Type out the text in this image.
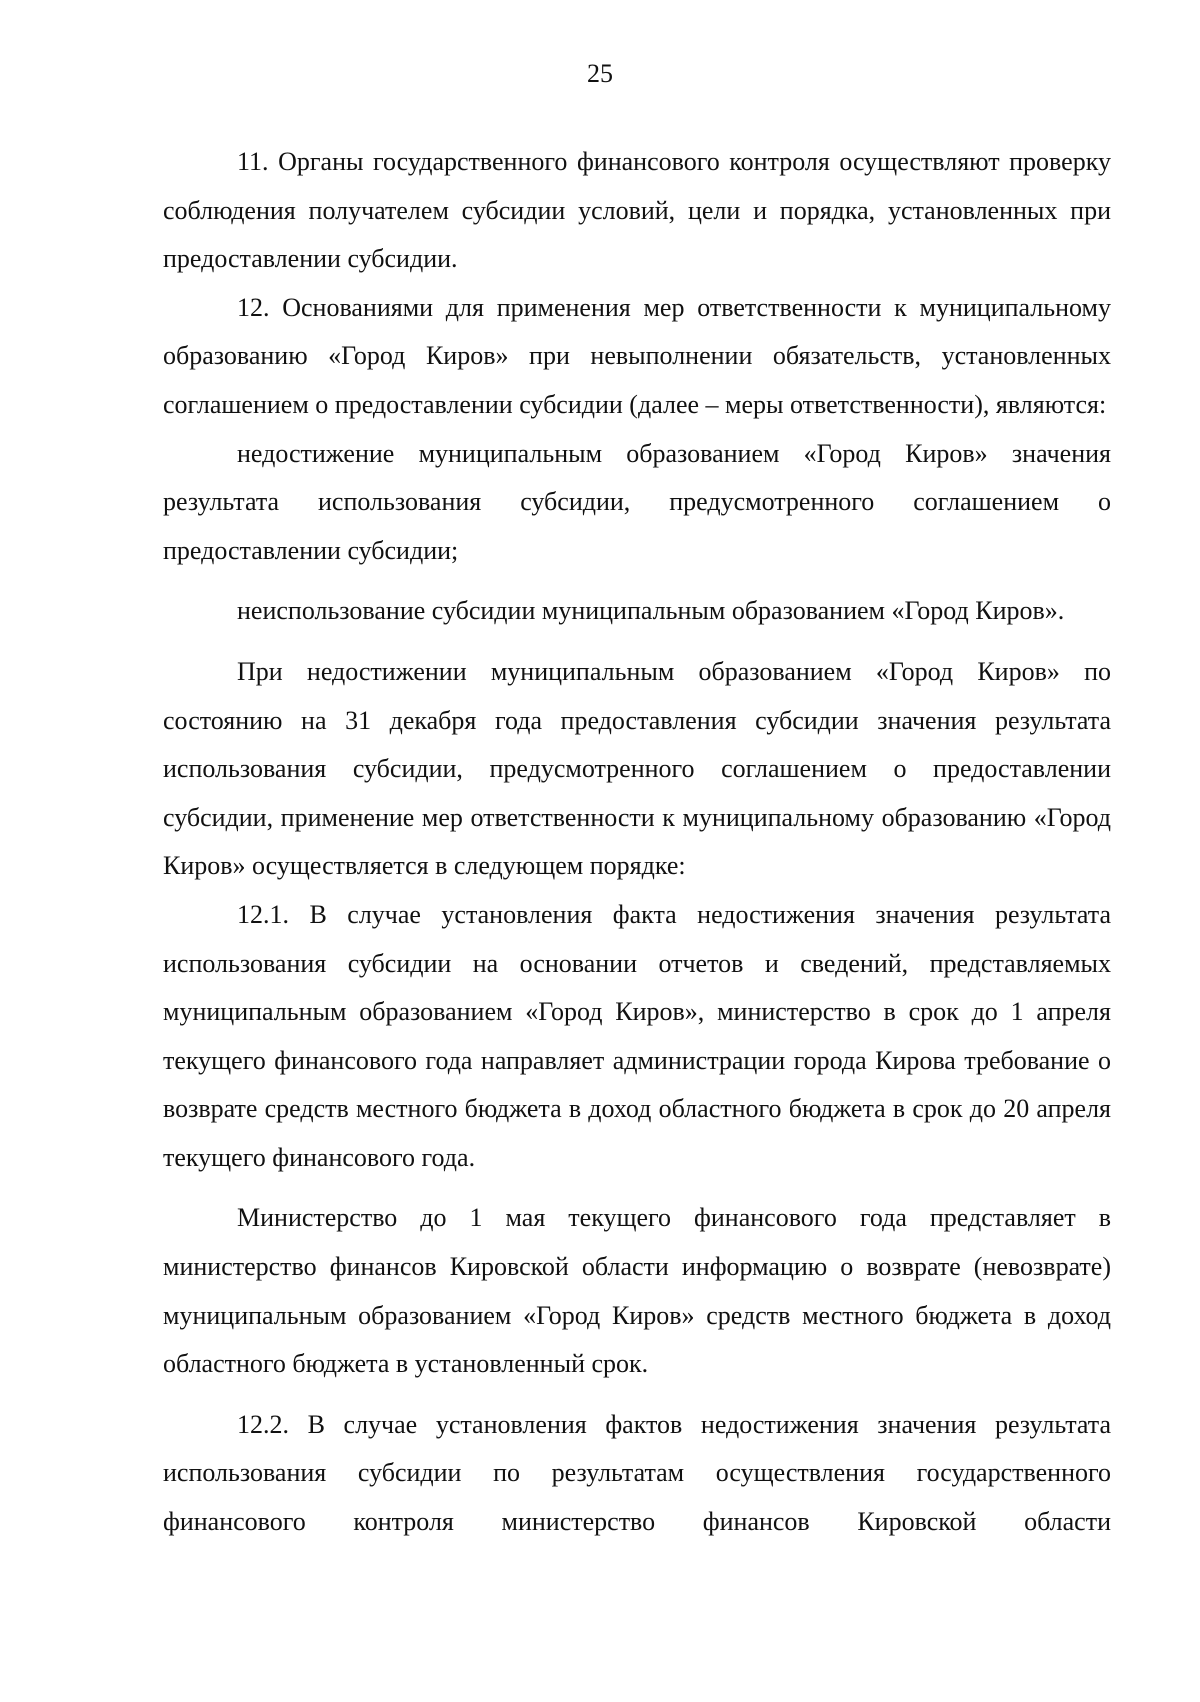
25

11. Органы государственного финансового контроля осуществляют проверку соблюдения получателем субсидии условий, цели и порядка, установленных при предоставлении субсидии.

12. Основаниями для применения мер ответственности к муниципальному образованию «Город Киров» при невыполнении обязательств, установленных соглашением о предоставлении субсидии (далее – меры ответственности), являются:

недостижение муниципальным образованием «Город Киров» значения результата использования субсидии, предусмотренного соглашением о предоставлении субсидии;

неиспользование субсидии муниципальным образованием «Город Киров».

При недостижении муниципальным образованием «Город Киров» по состоянию на 31 декабря года предоставления субсидии значения результата использования субсидии, предусмотренного соглашением о предоставлении субсидии, применение мер ответственности к муниципальному образованию «Город Киров» осуществляется в следующем порядке:

12.1. В случае установления факта недостижения значения результата использования субсидии на основании отчетов и сведений, представляемых муниципальным образованием «Город Киров», министерство в срок до 1 апреля текущего финансового года направляет администрации города Кирова требование о возврате средств местного бюджета в доход областного бюджета в срок до 20 апреля текущего финансового года.

Министерство до 1 мая текущего финансового года представляет в министерство финансов Кировской области информацию о возврате (невозврате) муниципальным образованием «Город Киров» средств местного бюджета в доход областного бюджета в установленный срок.

12.2. В случае установления фактов недостижения значения результата использования субсидии по результатам осуществления государственного финансового контроля министерство финансов Кировской области
